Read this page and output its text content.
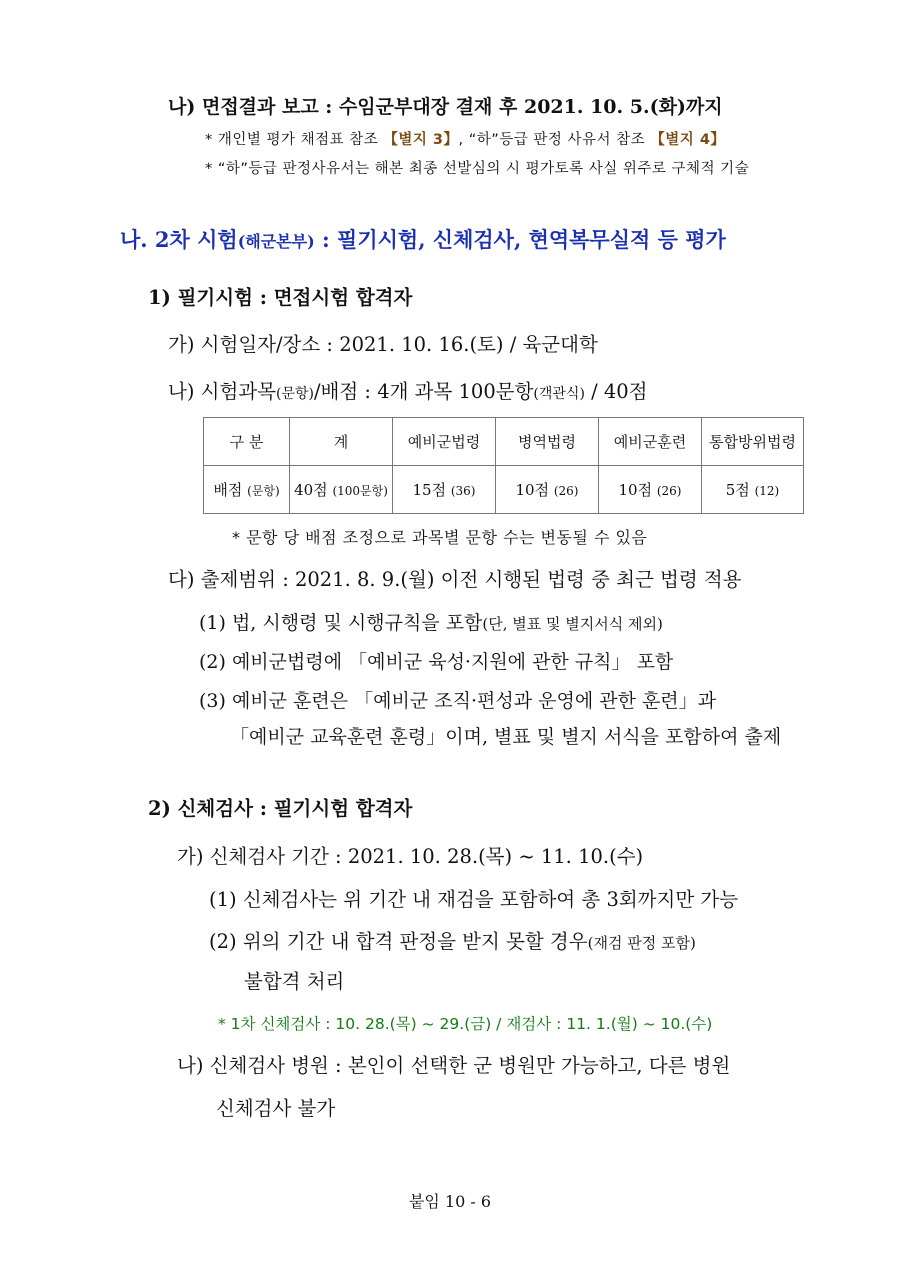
나) 면접결과 보고 : 수임군부대장 결재 후 2021. 10. 5.(화)까지
* 개인별 평가 채점표 참조 【별지 3】, “하”등급 판정 사유서 참조 【별지 4】
* “하”등급 판정사유서는 해본 최종 선발심의 시 평가토록 사실 위주로 구체적 기술
나. 2차 시험(해군본부) : 필기시험, 신체검사, 현역복무실적 등 평가
1) 필기시험 : 면접시험 합격자
가) 시험일자/장소 : 2021. 10. 16.(토) / 육군대학
나) 시험과목(문항)/배점 : 4개 과목 100문항(객관식) / 40점
구 분	계	예비군법령	병역법령	예비군훈련	통합방위법령
배점 (문항)	40점 (100문항)	15점 (36)	10점 (26)	10점 (26)	5점 (12)
* 문항 당 배점 조정으로 과목별 문항 수는 변동될 수 있음
다) 출제범위 : 2021. 8. 9.(월) 이전 시행된 법령 중 최근 법령 적용
(1) 법, 시행령 및 시행규칙을 포함(단, 별표 및 별지서식 제외)
(2) 예비군법령에 「예비군 육성·지원에 관한 규칙」 포함
(3) 예비군 훈련은 「예비군 조직·편성과 운영에 관한 훈련」과
「예비군 교육훈련 훈령」이며, 별표 및 별지 서식을 포함하여 출제
2) 신체검사 : 필기시험 합격자
가) 신체검사 기간 : 2021. 10. 28.(목) ~ 11. 10.(수)
(1) 신체검사는 위 기간 내 재검을 포함하여 총 3회까지만 가능
(2) 위의 기간 내 합격 판정을 받지 못할 경우(재검 판정 포함)
불합격 처리
* 1차 신체검사 : 10. 28.(목) ~ 29.(금) / 재검사 : 11. 1.(월) ~ 10.(수)
나) 신체검사 병원 : 본인이 선택한 군 병원만 가능하고, 다른 병원
신체검사 불가
붙임 10 - 6
